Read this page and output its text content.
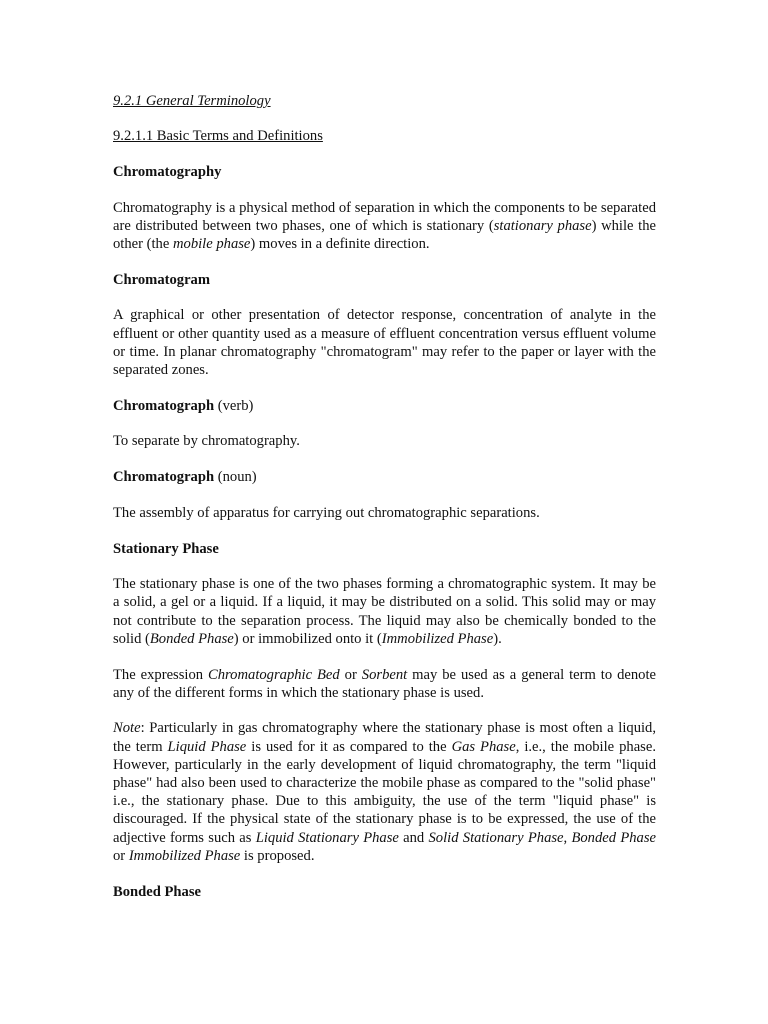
9.2.1 General Terminology

9.2.1.1 Basic Terms and Definitions

Chromatography

Chromatography is a physical method of separation in which the components to be separated are distributed between two phases, one of which is stationary (stationary phase) while the other (the mobile phase) moves in a definite direction.

Chromatogram

A graphical or other presentation of detector response, concentration of analyte in the effluent or other quantity used as a measure of effluent concentration versus effluent volume or time. In planar chromatography "chromatogram" may refer to the paper or layer with the separated zones.

Chromatograph (verb)

To separate by chromatography.

Chromatograph (noun)

The assembly of apparatus for carrying out chromatographic separations.

Stationary Phase

The stationary phase is one of the two phases forming a chromatographic system. It may be a solid, a gel or a liquid. If a liquid, it may be distributed on a solid. This solid may or may not contribute to the separation process. The liquid may also be chemically bonded to the solid (Bonded Phase) or immobilized onto it (Immobilized Phase).

The expression Chromatographic Bed or Sorbent may be used as a general term to denote any of the different forms in which the stationary phase is used.

Note: Particularly in gas chromatography where the stationary phase is most often a liquid, the term Liquid Phase is used for it as compared to the Gas Phase, i.e., the mobile phase. However, particularly in the early development of liquid chromatography, the term "liquid phase" had also been used to characterize the mobile phase as compared to the "solid phase" i.e., the stationary phase. Due to this ambiguity, the use of the term "liquid phase" is discouraged. If the physical state of the stationary phase is to be expressed, the use of the adjective forms such as Liquid Stationary Phase and Solid Stationary Phase, Bonded Phase or Immobilized Phase is proposed.

Bonded Phase
